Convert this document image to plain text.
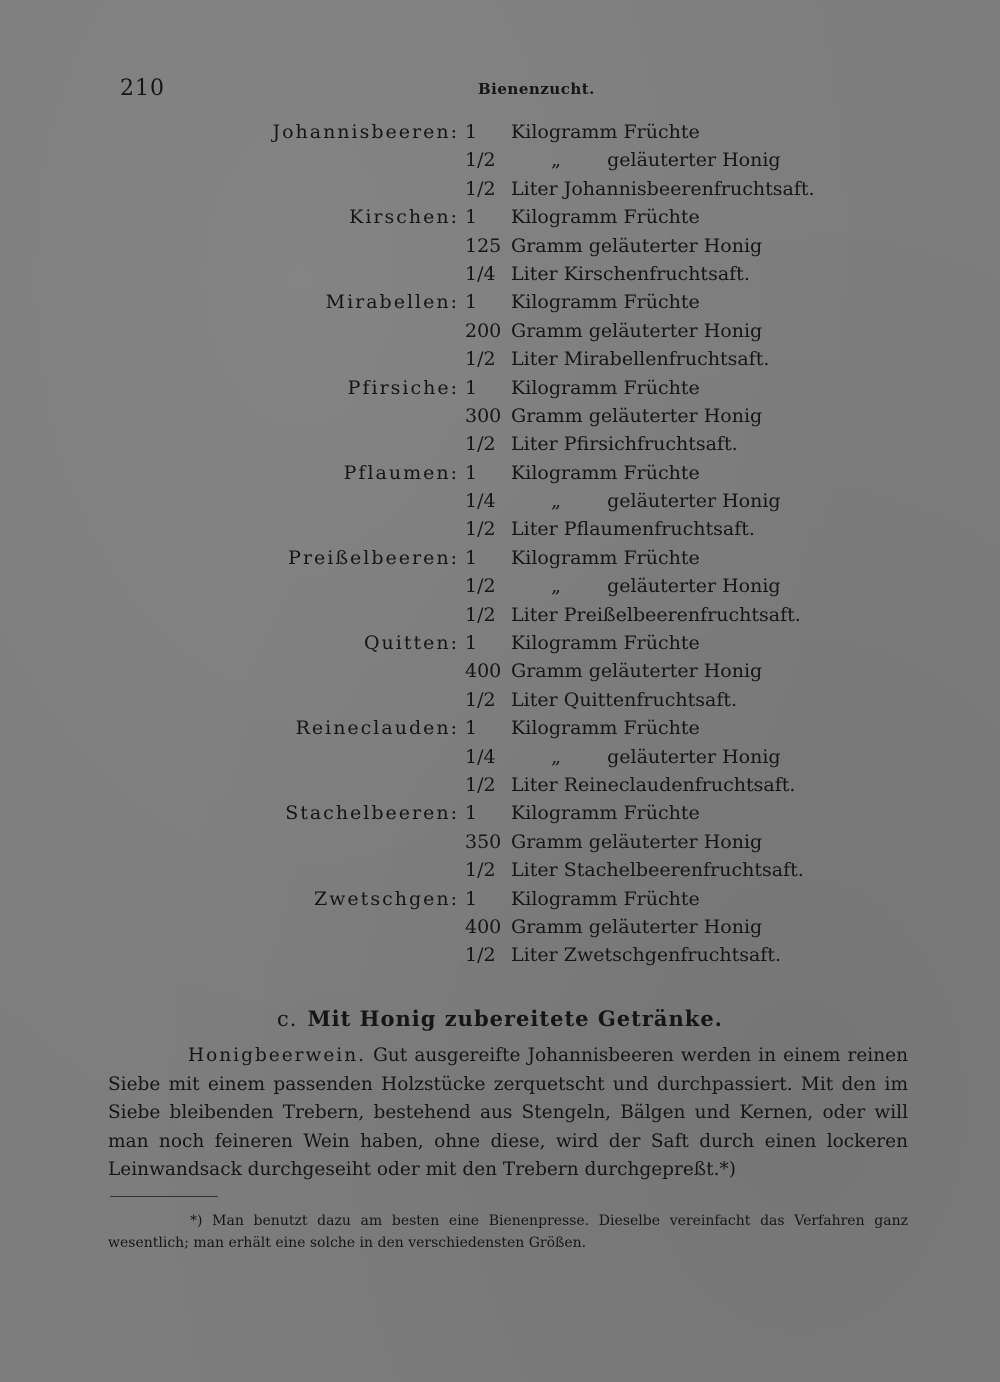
210	Bienenzucht.
Johannisbeeren: 1 Kilogramm Früchte
1/2	„ geläuterter Honig
1/2 Liter Johannisbeerenfruchtsaft.
Kirschen: 1 Kilogramm Früchte
125 Gramm geläuterter Honig
1/4 Liter Kirschenfruchtsaft.
Mirabellen: 1 Kilogramm Früchte
200 Gramm geläuterter Honig
1/2 Liter Mirabellenfruchtsaft.
Pfirsiche: 1 Kilogramm Früchte
300 Gramm geläuterter Honig
1/2 Liter Pfirsichfruchtsaft.
Pflaumen: 1 Kilogramm Früchte
1/4	„ geläuterter Honig
1/2 Liter Pflaumenfruchtsaft.
Preißelbeeren: 1 Kilogramm Früchte
1/2	„ geläuterter Honig
1/2 Liter Preißelbeerenfruchtsaft.
Quitten: 1 Kilogramm Früchte
400 Gramm geläuterter Honig
1/2 Liter Quittenfruchtsaft.
Reineclauden: 1 Kilogramm Früchte
1/4	„ geläuterter Honig
1/2 Liter Reineclaudenfruchtsaft.
Stachelbeeren: 1 Kilogramm Früchte
350 Gramm geläuterter Honig
1/2 Liter Stachelbeerenfruchtsaft.
Zwetschgen: 1 Kilogramm Früchte
400 Gramm geläuterter Honig
1/2 Liter Zwetschgenfruchtsaft.
c. Mit Honig zubereitete Getränke.
Honigbeerwein. Gut ausgereifte Johannisbeeren werden in einem reinen Siebe mit einem passenden Holzstücke zerquetscht und durchpassiert. Mit den im Siebe bleibenden Trebern, bestehend aus Stengeln, Bälgen und Kernen, oder will man noch feineren Wein haben, ohne diese, wird der Saft durch einen lockeren Leinwandsack durchgeseiht oder mit den Trebern durchgepreßt.*)
*) Man benutzt dazu am besten eine Bienenpresse. Dieselbe vereinfacht das Verfahren ganz wesentlich; man erhält eine solche in den verschiedensten Größen.
